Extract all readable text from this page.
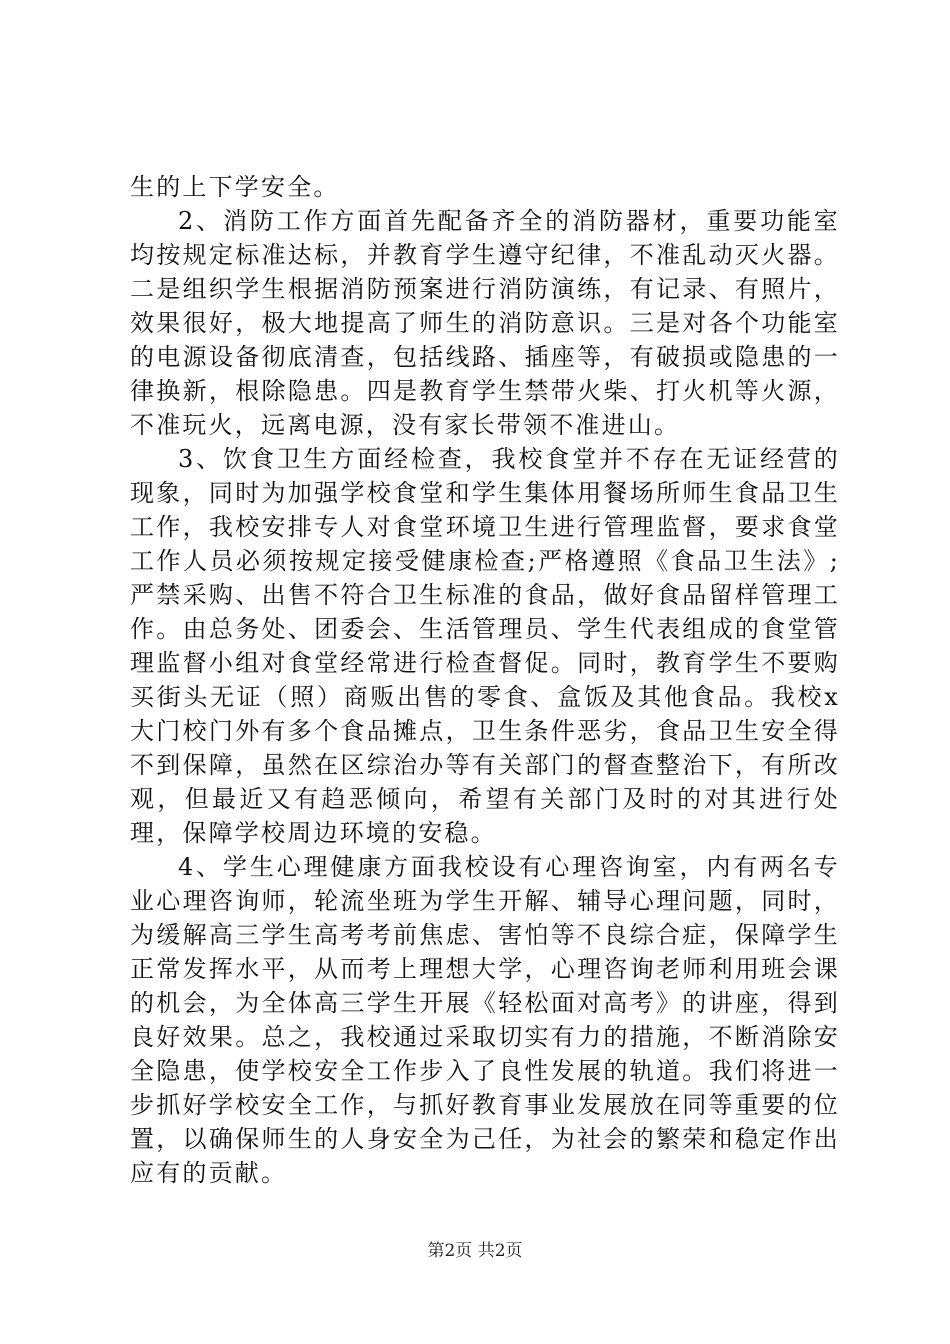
生的上下学安全。

2、消防工作方面首先配备齐全的消防器材，重要功能室均按规定标准达标，并教育学生遵守纪律，不准乱动灭火器。二是组织学生根据消防预案进行消防演练，有记录、有照片，效果很好，极大地提高了师生的消防意识。三是对各个功能室的电源设备彻底清查，包括线路、插座等，有破损或隐患的一律换新，根除隐患。四是教育学生禁带火柴、打火机等火源，不准玩火，远离电源，没有家长带领不准进山。

3、饮食卫生方面经检查，我校食堂并不存在无证经营的现象，同时为加强学校食堂和学生集体用餐场所师生食品卫生工作，我校安排专人对食堂环境卫生进行管理监督，要求食堂工作人员必须按规定接受健康检查;严格遵照《食品卫生法》;严禁采购、出售不符合卫生标准的食品，做好食品留样管理工作。由总务处、团委会、生活管理员、学生代表组成的食堂管理监督小组对食堂经常进行检查督促。同时，教育学生不要购买街头无证（照）商贩出售的零食、盒饭及其他食品。我校x大门校门外有多个食品摊点，卫生条件恶劣，食品卫生安全得不到保障，虽然在区综治办等有关部门的督查整治下，有所改观，但最近又有趋恶倾向，希望有关部门及时的对其进行处理，保障学校周边环境的安稳。

4、学生心理健康方面我校设有心理咨询室，内有两名专业心理咨询师，轮流坐班为学生开解、辅导心理问题，同时，为缓解高三学生高考考前焦虑、害怕等不良综合症，保障学生正常发挥水平，从而考上理想大学，心理咨询老师利用班会课的机会，为全体高三学生开展《轻松面对高考》的讲座，得到良好效果。总之，我校通过采取切实有力的措施，不断消除安全隐患，使学校安全工作步入了良性发展的轨道。我们将进一步抓好学校安全工作，与抓好教育事业发展放在同等重要的位置，以确保师生的人身安全为己任，为社会的繁荣和稳定作出应有的贡献。

第2页 共2页
